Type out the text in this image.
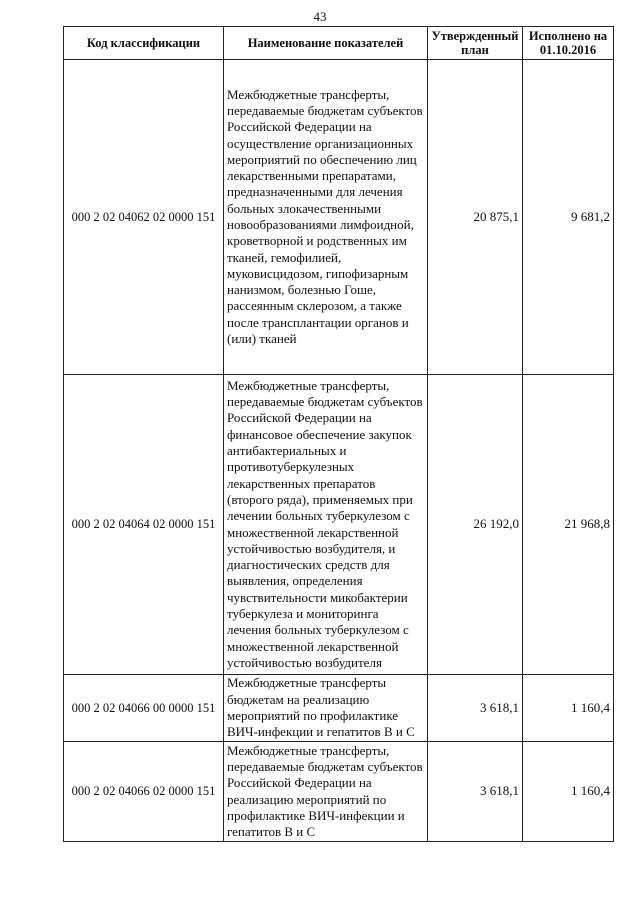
43
Код классификации	Наименование показателей	Утвержденный план	Исполнено на 01.10.2016
000 2 02 04062 02 0000 151	Межбюджетные трансферты, передаваемые бюджетам субъектов Российской Федерации на осуществление организационных мероприятий по обеспечению лиц лекарственными препаратами, предназначенными для лечения больных злокачественными новообразованиями лимфоидной, кроветворной и родственных им тканей, гемофилией, муковисцидозом, гипофизарным нанизмом, болезнью Гоше, рассеянным склерозом, а также после трансплантации органов и (или) тканей	20 875,1	9 681,2
000 2 02 04064 02 0000 151	Межбюджетные трансферты, передаваемые бюджетам субъектов Российской Федерации на финансовое обеспечение закупок антибактериальных и противотуберкулезных лекарственных препаратов (второго ряда), применяемых при лечении больных туберкулезом с множественной лекарственной устойчивостью возбудителя, и диагностических средств для выявления, определения чувствительности микобактерии туберкулеза и мониторинга лечения больных туберкулезом с множественной лекарственной устойчивостью возбудителя	26 192,0	21 968,8
000 2 02 04066 00 0000 151	Межбюджетные трансферты бюджетам на реализацию мероприятий по профилактике ВИЧ-инфекции и гепатитов В и С	3 618,1	1 160,4
000 2 02 04066 02 0000 151	Межбюджетные трансферты, передаваемые бюджетам субъектов Российской Федерации на реализацию мероприятий по профилактике ВИЧ-инфекции и гепатитов В и С	3 618,1	1 160,4
